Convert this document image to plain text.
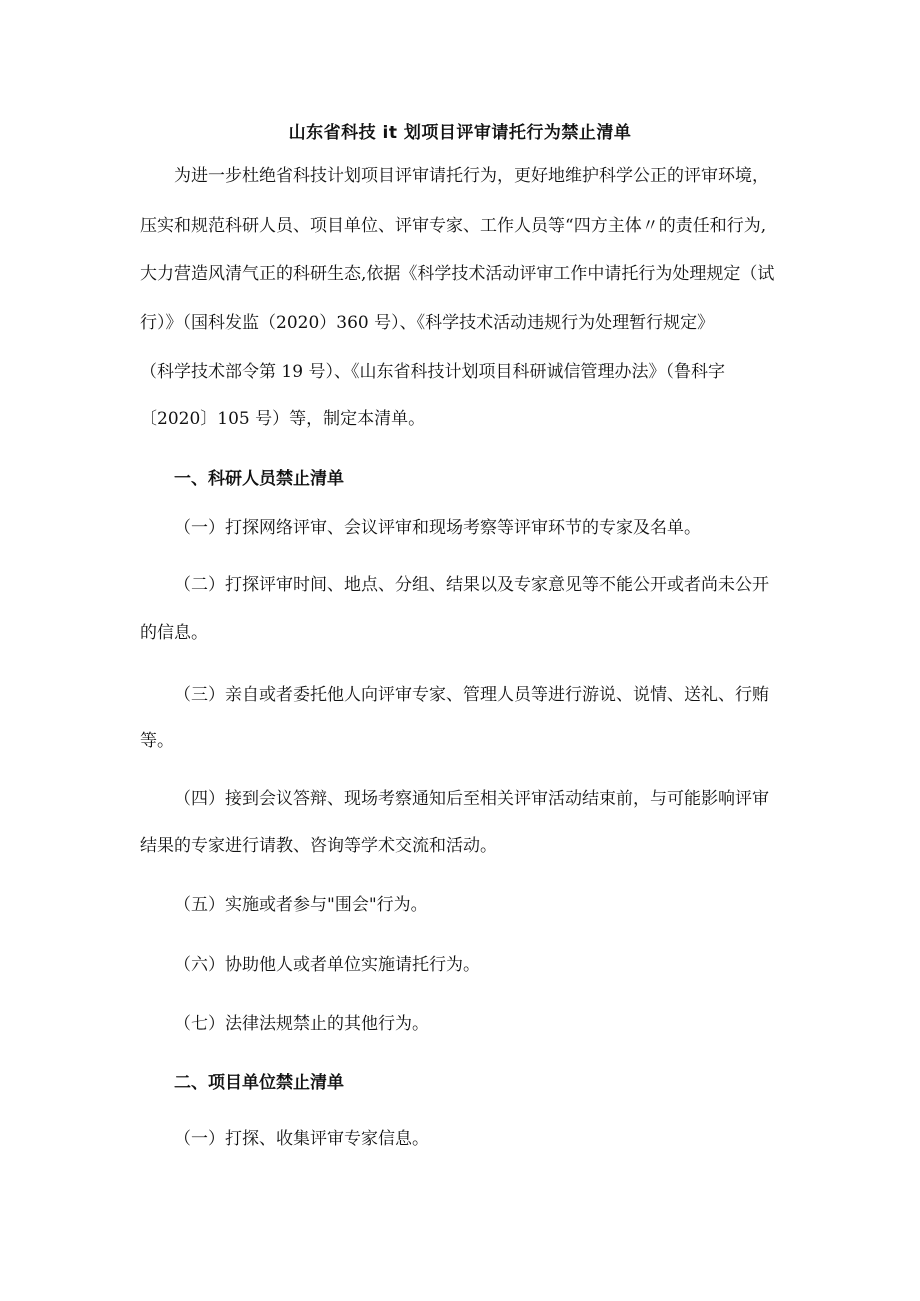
山东省科技 it 划项目评审请托行为禁止清单
为进一步杜绝省科技计划项目评审请托行为，更好地维护科学公正的评审环境，
压实和规范科研人员、项目单位、评审专家、工作人员等“四方主体〃的责任和行为,
大力营造风清气正的科研生态,依据《科学技术活动评审工作中请托行为处理规定（试
行）》（国科发监（2020）360 号）、《科学技术活动违规行为处理暂行规定》
（科学技术部令第 19 号）、《山东省科技计划项目科研诚信管理办法》（鲁科字
〔2020〕105 号）等，制定本清单。
一、科研人员禁止清单
（一）打探网络评审、会议评审和现场考察等评审环节的专家及名单。
（二）打探评审时间、地点、分组、结果以及专家意见等不能公开或者尚未公开
的信息。
（三）亲自或者委托他人向评审专家、管理人员等进行游说、说情、送礼、行贿
等。
（四）接到会议答辩、现场考察通知后至相关评审活动结束前，与可能影响评审
结果的专家进行请教、咨询等学术交流和活动。
（五）实施或者参与"围会"行为。
（六）协助他人或者单位实施请托行为。
（七）法律法规禁止的其他行为。
二、项目单位禁止清单
（一）打探、收集评审专家信息。
